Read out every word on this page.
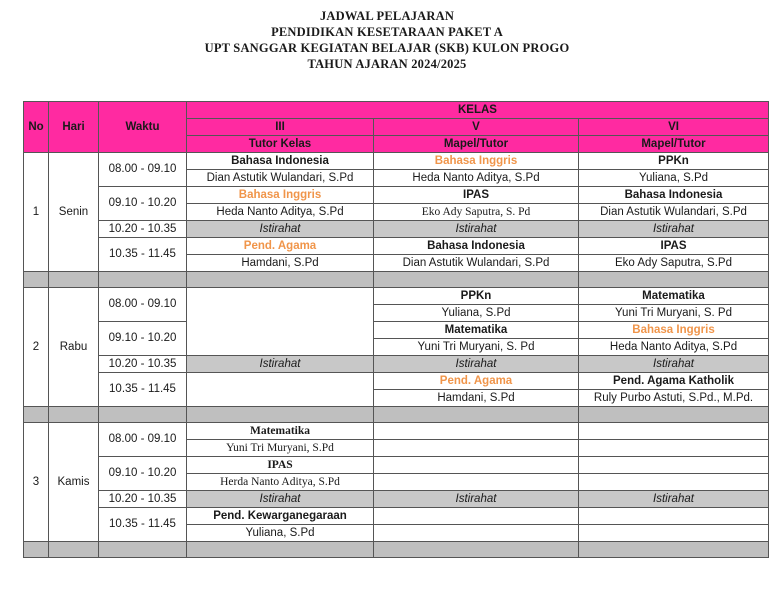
JADWAL PELAJARAN
PENDIDIKAN KESETARAAN PAKET A
UPT SANGGAR KEGIATAN BELAJAR (SKB) KULON PROGO
TAHUN AJARAN 2024/2025
No	Hari	Waktu	KELAS		
			III	V	VI
			Tutor Kelas	Mapel/Tutor	Mapel/Tutor
1	Senin	08.00 - 09.10	Bahasa Indonesia	Bahasa Inggris	PPKn
			Dian Astutik Wulandari, S.Pd	Heda Nanto Aditya, S.Pd	Yuliana, S.Pd
		09.10 - 10.20	Bahasa Inggris	IPAS	Bahasa Indonesia
			Heda Nanto Aditya, S.Pd	Eko Ady Saputra, S. Pd	Dian Astutik Wulandari, S.Pd
		10.20 - 10.35	Istirahat	Istirahat	Istirahat
		10.35 - 11.45	Pend. Agama	Bahasa Indonesia	IPAS
			Hamdani, S.Pd	Dian Astutik Wulandari, S.Pd	Eko Ady Saputra, S.Pd

2	Rabu	08.00 - 09.10		PPKn	Matematika
				Yuliana, S.Pd	Yuni Tri Muryani, S. Pd
		09.10 - 10.20		Matematika	Bahasa Inggris
				Yuni Tri Muryani, S. Pd	Heda Nanto Aditya, S.Pd
		10.20 - 10.35	Istirahat	Istirahat	Istirahat
		10.35 - 11.45		Pend. Agama	Pend. Agama Katholik
				Hamdani, S.Pd	Ruly Purbo Astuti, S.Pd., M.Pd.

3	Kamis	08.00 - 09.10	Matematika		
			Yuni Tri Muryani, S.Pd		
		09.10 - 10.20	IPAS		
			Herda Nanto Aditya, S.Pd		
		10.20 - 10.35	Istirahat	Istirahat	Istirahat
		10.35 - 11.45	Pend. Kewarganegaraan		
			Yuliana, S.Pd		
